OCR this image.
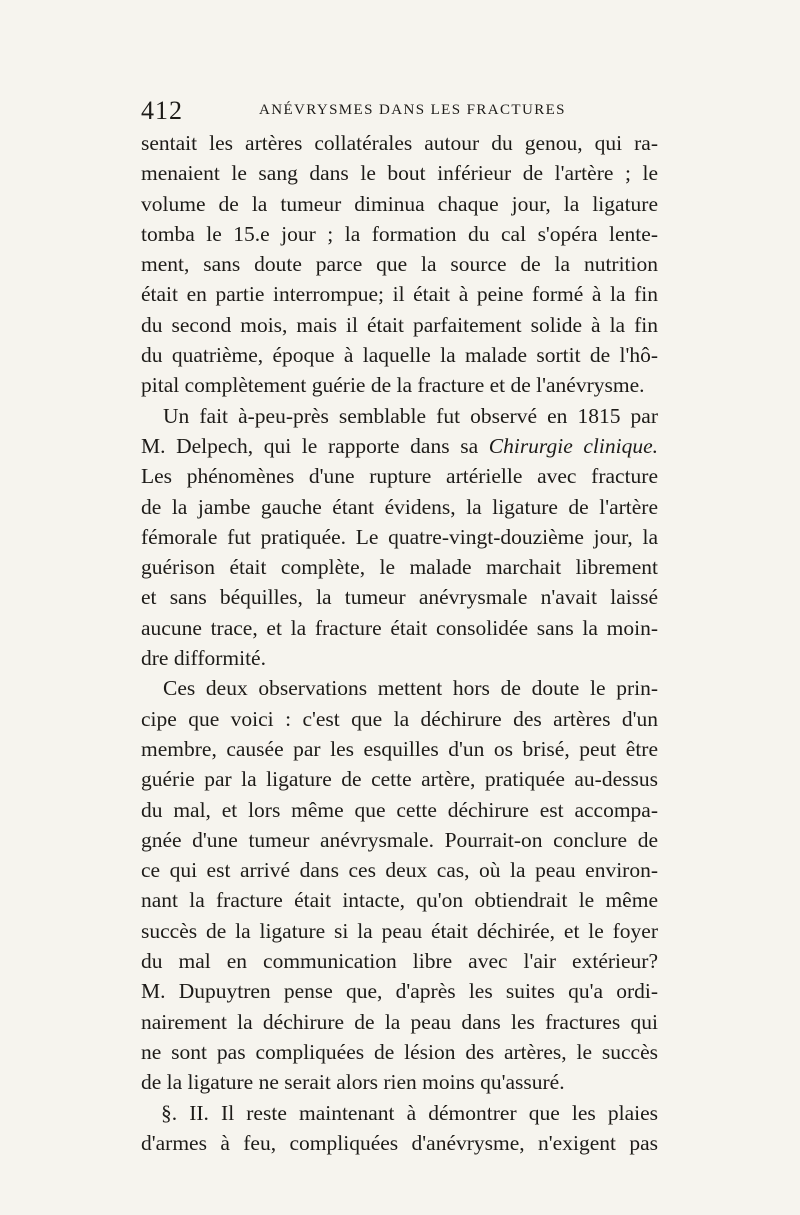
412	ANÉVRYSMES DANS LES FRACTURES
sentait les artères collatérales autour du genou, qui ra-
menaient le sang dans le bout inférieur de l'artère ; le
volume de la tumeur diminua chaque jour, la ligature
tomba le 15.e jour ; la formation du cal s'opéra lente-
ment, sans doute parce que la source de la nutrition
était en partie interrompue; il était à peine formé à la fin
du second mois, mais il était parfaitement solide à la fin
du quatrième, époque à laquelle la malade sortit de l'hô-
pital complètement guérie de la fracture et de l'anévrysme.
Un fait à-peu-près semblable fut observé en 1815 par
M. Delpech, qui le rapporte dans sa Chirurgie clinique.
Les phénomènes d'une rupture artérielle avec fracture
de la jambe gauche étant évidens, la ligature de l'artère
fémorale fut pratiquée. Le quatre-vingt-douzième jour, la
guérison était complète, le malade marchait librement
et sans béquilles, la tumeur anévrysmale n'avait laissé
aucune trace, et la fracture était consolidée sans la moin-
dre difformité.
Ces deux observations mettent hors de doute le prin-
cipe que voici : c'est que la déchirure des artères d'un
membre, causée par les esquilles d'un os brisé, peut être
guérie par la ligature de cette artère, pratiquée au-dessus
du mal, et lors même que cette déchirure est accompa-
gnée d'une tumeur anévrysmale. Pourrait-on conclure de
ce qui est arrivé dans ces deux cas, où la peau environ-
nant la fracture était intacte, qu'on obtiendrait le même
succès de la ligature si la peau était déchirée, et le foyer
du mal en communication libre avec l'air extérieur?
M. Dupuytren pense que, d'après les suites qu'a ordi-
nairement la déchirure de la peau dans les fractures qui
ne sont pas compliquées de lésion des artères, le succès
de la ligature ne serait alors rien moins qu'assuré.
§. II. Il reste maintenant à démontrer que les plaies
d'armes à feu, compliquées d'anévrysme, n'exigent pas
